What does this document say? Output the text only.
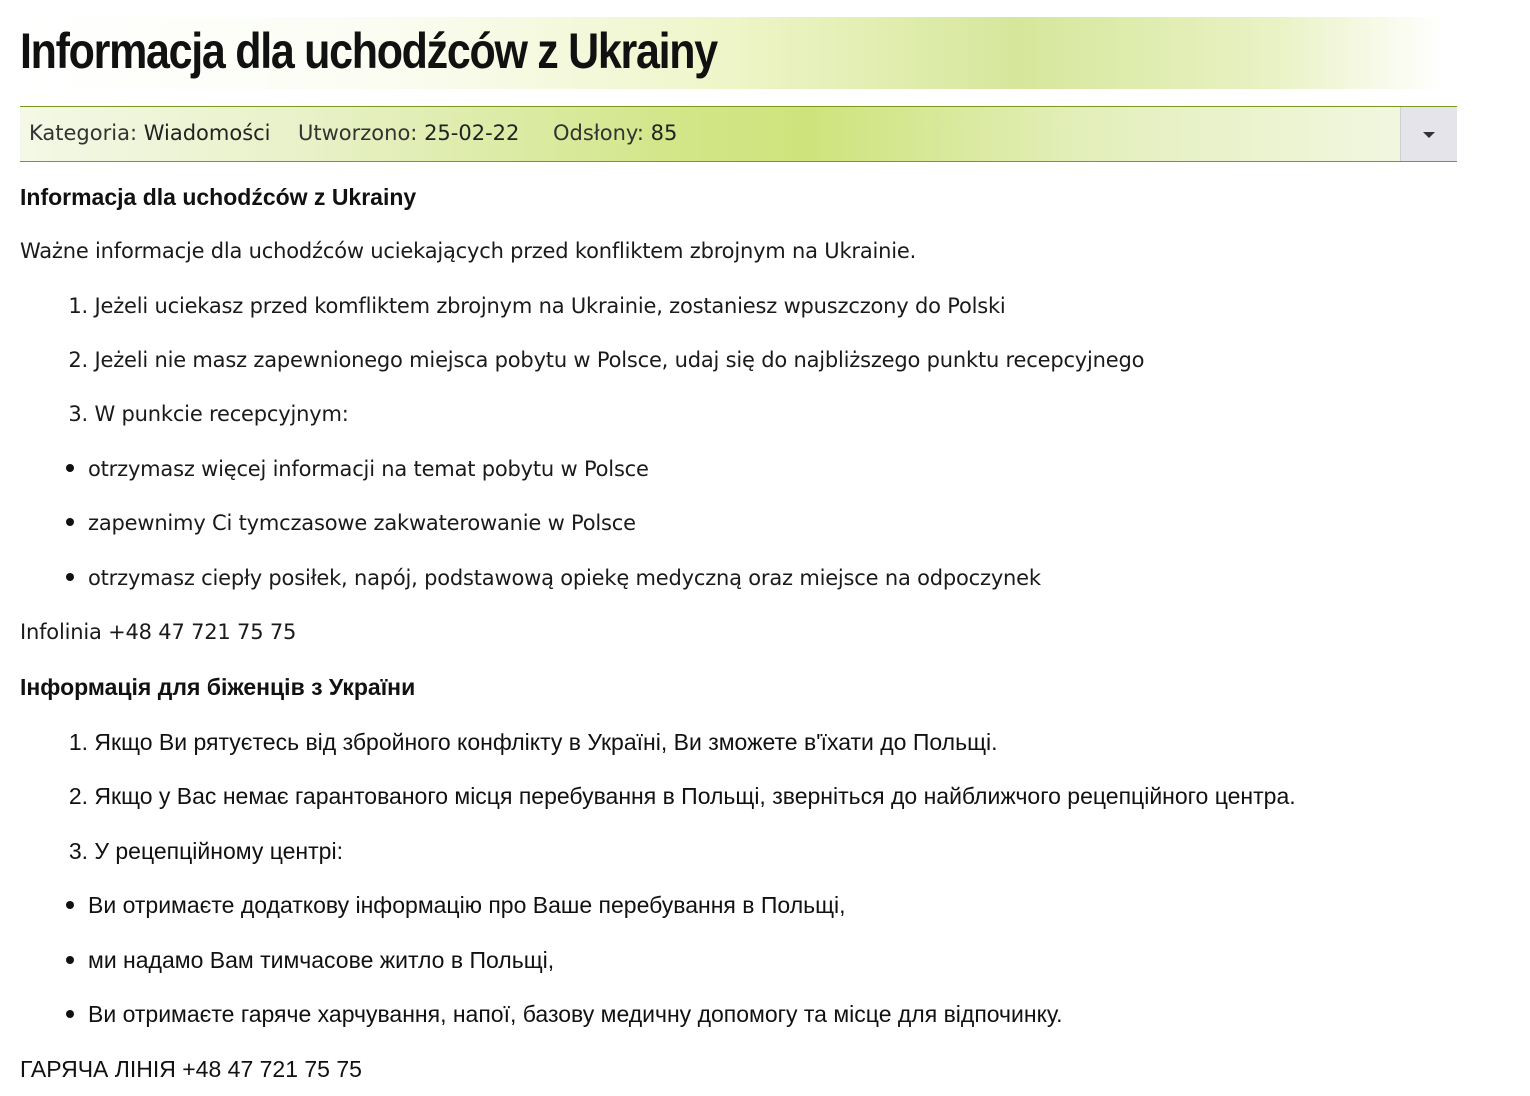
Informacja dla uchodźców z Ukrainy
Kategoria: Wiadomości Utworzono: 25-02-22 Odsłony: 85
Informacja dla uchodźców z Ukrainy
Ważne informacje dla uchodźców uciekających przed konfliktem zbrojnym na Ukrainie.
1. Jeżeli uciekasz przed komfliktem zbrojnym na Ukrainie, zostaniesz wpuszczony do Polski
2. Jeżeli nie masz zapewnionego miejsca pobytu w Polsce, udaj się do najbliższego punktu recepcyjnego
3. W punkcie recepcyjnym:
otrzymasz więcej informacji na temat pobytu w Polsce
zapewnimy Ci tymczasowe zakwaterowanie w Polsce
otrzymasz ciepły posiłek, napój, podstawową opiekę medyczną oraz miejsce na odpoczynek
Infolinia +48 47 721 75 75
Інформація для біженців з України
1. Якщо Ви рятуєтесь від збройного конфлікту в Україні, Ви зможете в'їхати до Польщі.
2. Якщо у Вас немає гарантованого місця перебування в Польщі, зверніться до найближчого рецепційного центра.
3. У рецепційному центрі:
Ви отримаєте додаткову інформацію про Ваше перебування в Польщі,
ми надамо Вам тимчасове житло в Польщі,
Ви отримаєте гаряче харчування, напої, базову медичну допомогу та місце для відпочинку.
ГАРЯЧА ЛІНІЯ +48 47 721 75 75
